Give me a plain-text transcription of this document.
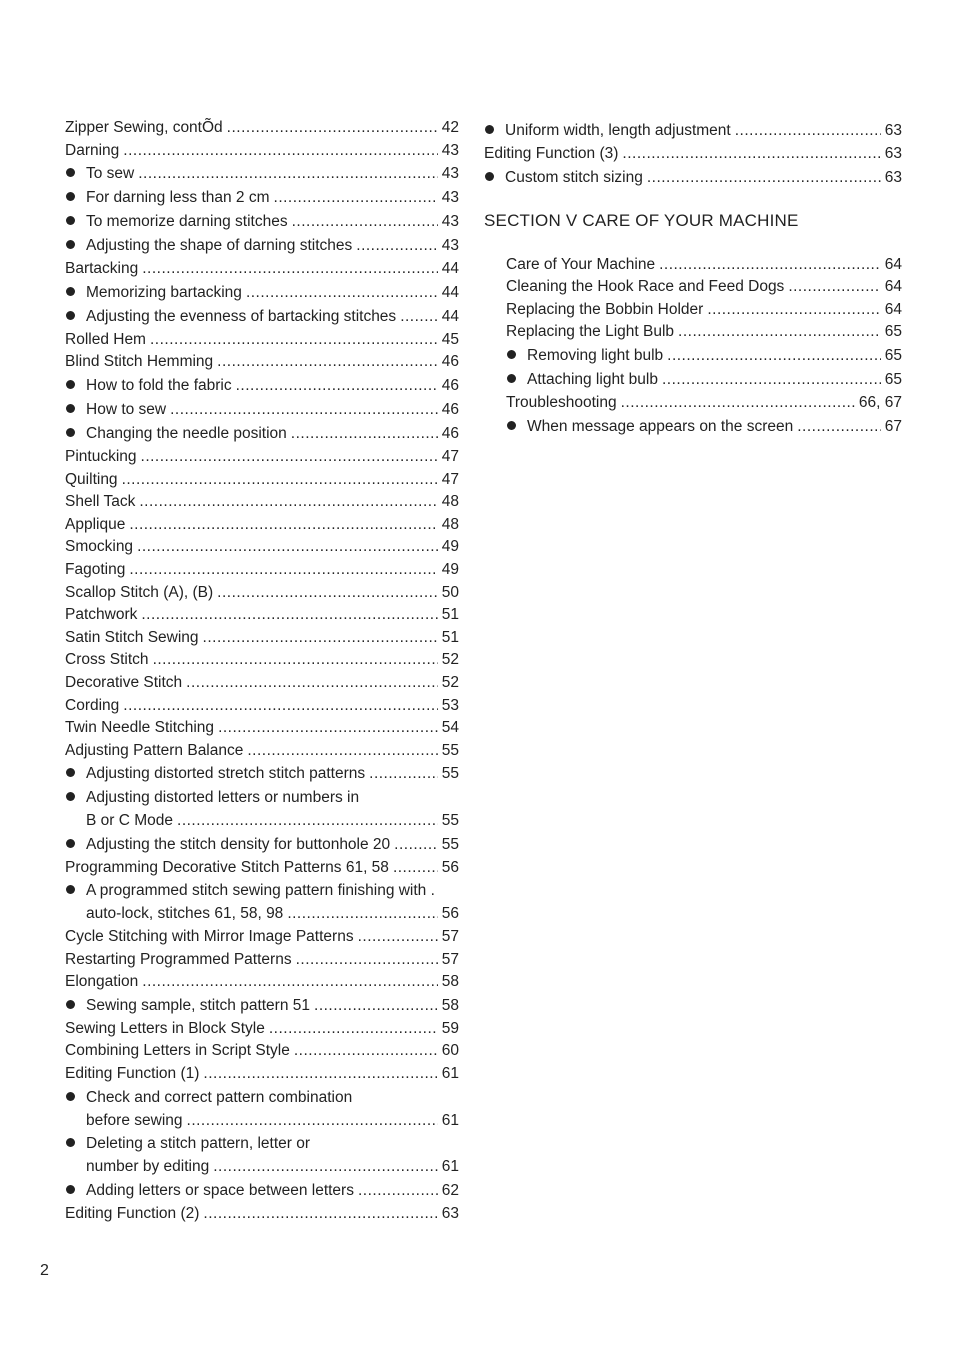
Zipper Sewing, contÕd .....	42
Darning .....	43
To sew .....	43
For darning less than 2 cm .....	43
To memorize darning stitches .....	43
Adjusting the shape of darning stitches .....	43
Bartacking .....	44
Memorizing bartacking .....	44
Adjusting the evenness of bartacking stitches .....	44
Rolled Hem .....	45
Blind Stitch Hemming .....	46
How to fold the fabric .....	46
How to sew .....	46
Changing the needle position .....	46
Pintucking .....	47
Quilting .....	47
Shell Tack .....	48
Applique .....	48
Smocking .....	49
Fagoting .....	49
Scallop Stitch (A), (B) .....	50
Patchwork .....	51
Satin Stitch Sewing .....	51
Cross Stitch .....	52
Decorative Stitch .....	52
Cording .....	53
Twin Needle Stitching .....	54
Adjusting Pattern Balance .....	55
Adjusting distorted stretch stitch patterns .....	55
Adjusting distorted letters or numbers in
B or C Mode .....	55
Adjusting the stitch density for buttonhole 20 .....	55
Programming Decorative Stitch Patterns 61, 58 .....	56
A programmed stitch sewing pattern finishing with .
auto-lock, stitches 61, 58, 98 .....	56
Cycle Stitching with Mirror Image Patterns .....	57
Restarting Programmed Patterns .....	57
Elongation .....	58
Sewing sample, stitch pattern 51 .....	58
Sewing Letters in Block Style .....	59
Combining Letters in Script Style .....	60
Editing Function (1) .....	61
Check and correct pattern combination
before sewing .....	61
Deleting a stitch pattern, letter or
number by editing .....	61
Adding letters or space between letters .....	62
Editing Function (2) .....	63
Uniform width, length adjustment .....	63
Editing Function (3) .....	63
Custom stitch sizing .....	63
SECTION V CARE OF YOUR MACHINE
Care of Your Machine .....	64
Cleaning the Hook Race and Feed Dogs .....	64
Replacing the Bobbin Holder .....	64
Replacing the Light Bulb .....	65
Removing light bulb .....	65
Attaching light bulb .....	65
Troubleshooting .....	66, 67
When message appears on the screen .....	67
2
